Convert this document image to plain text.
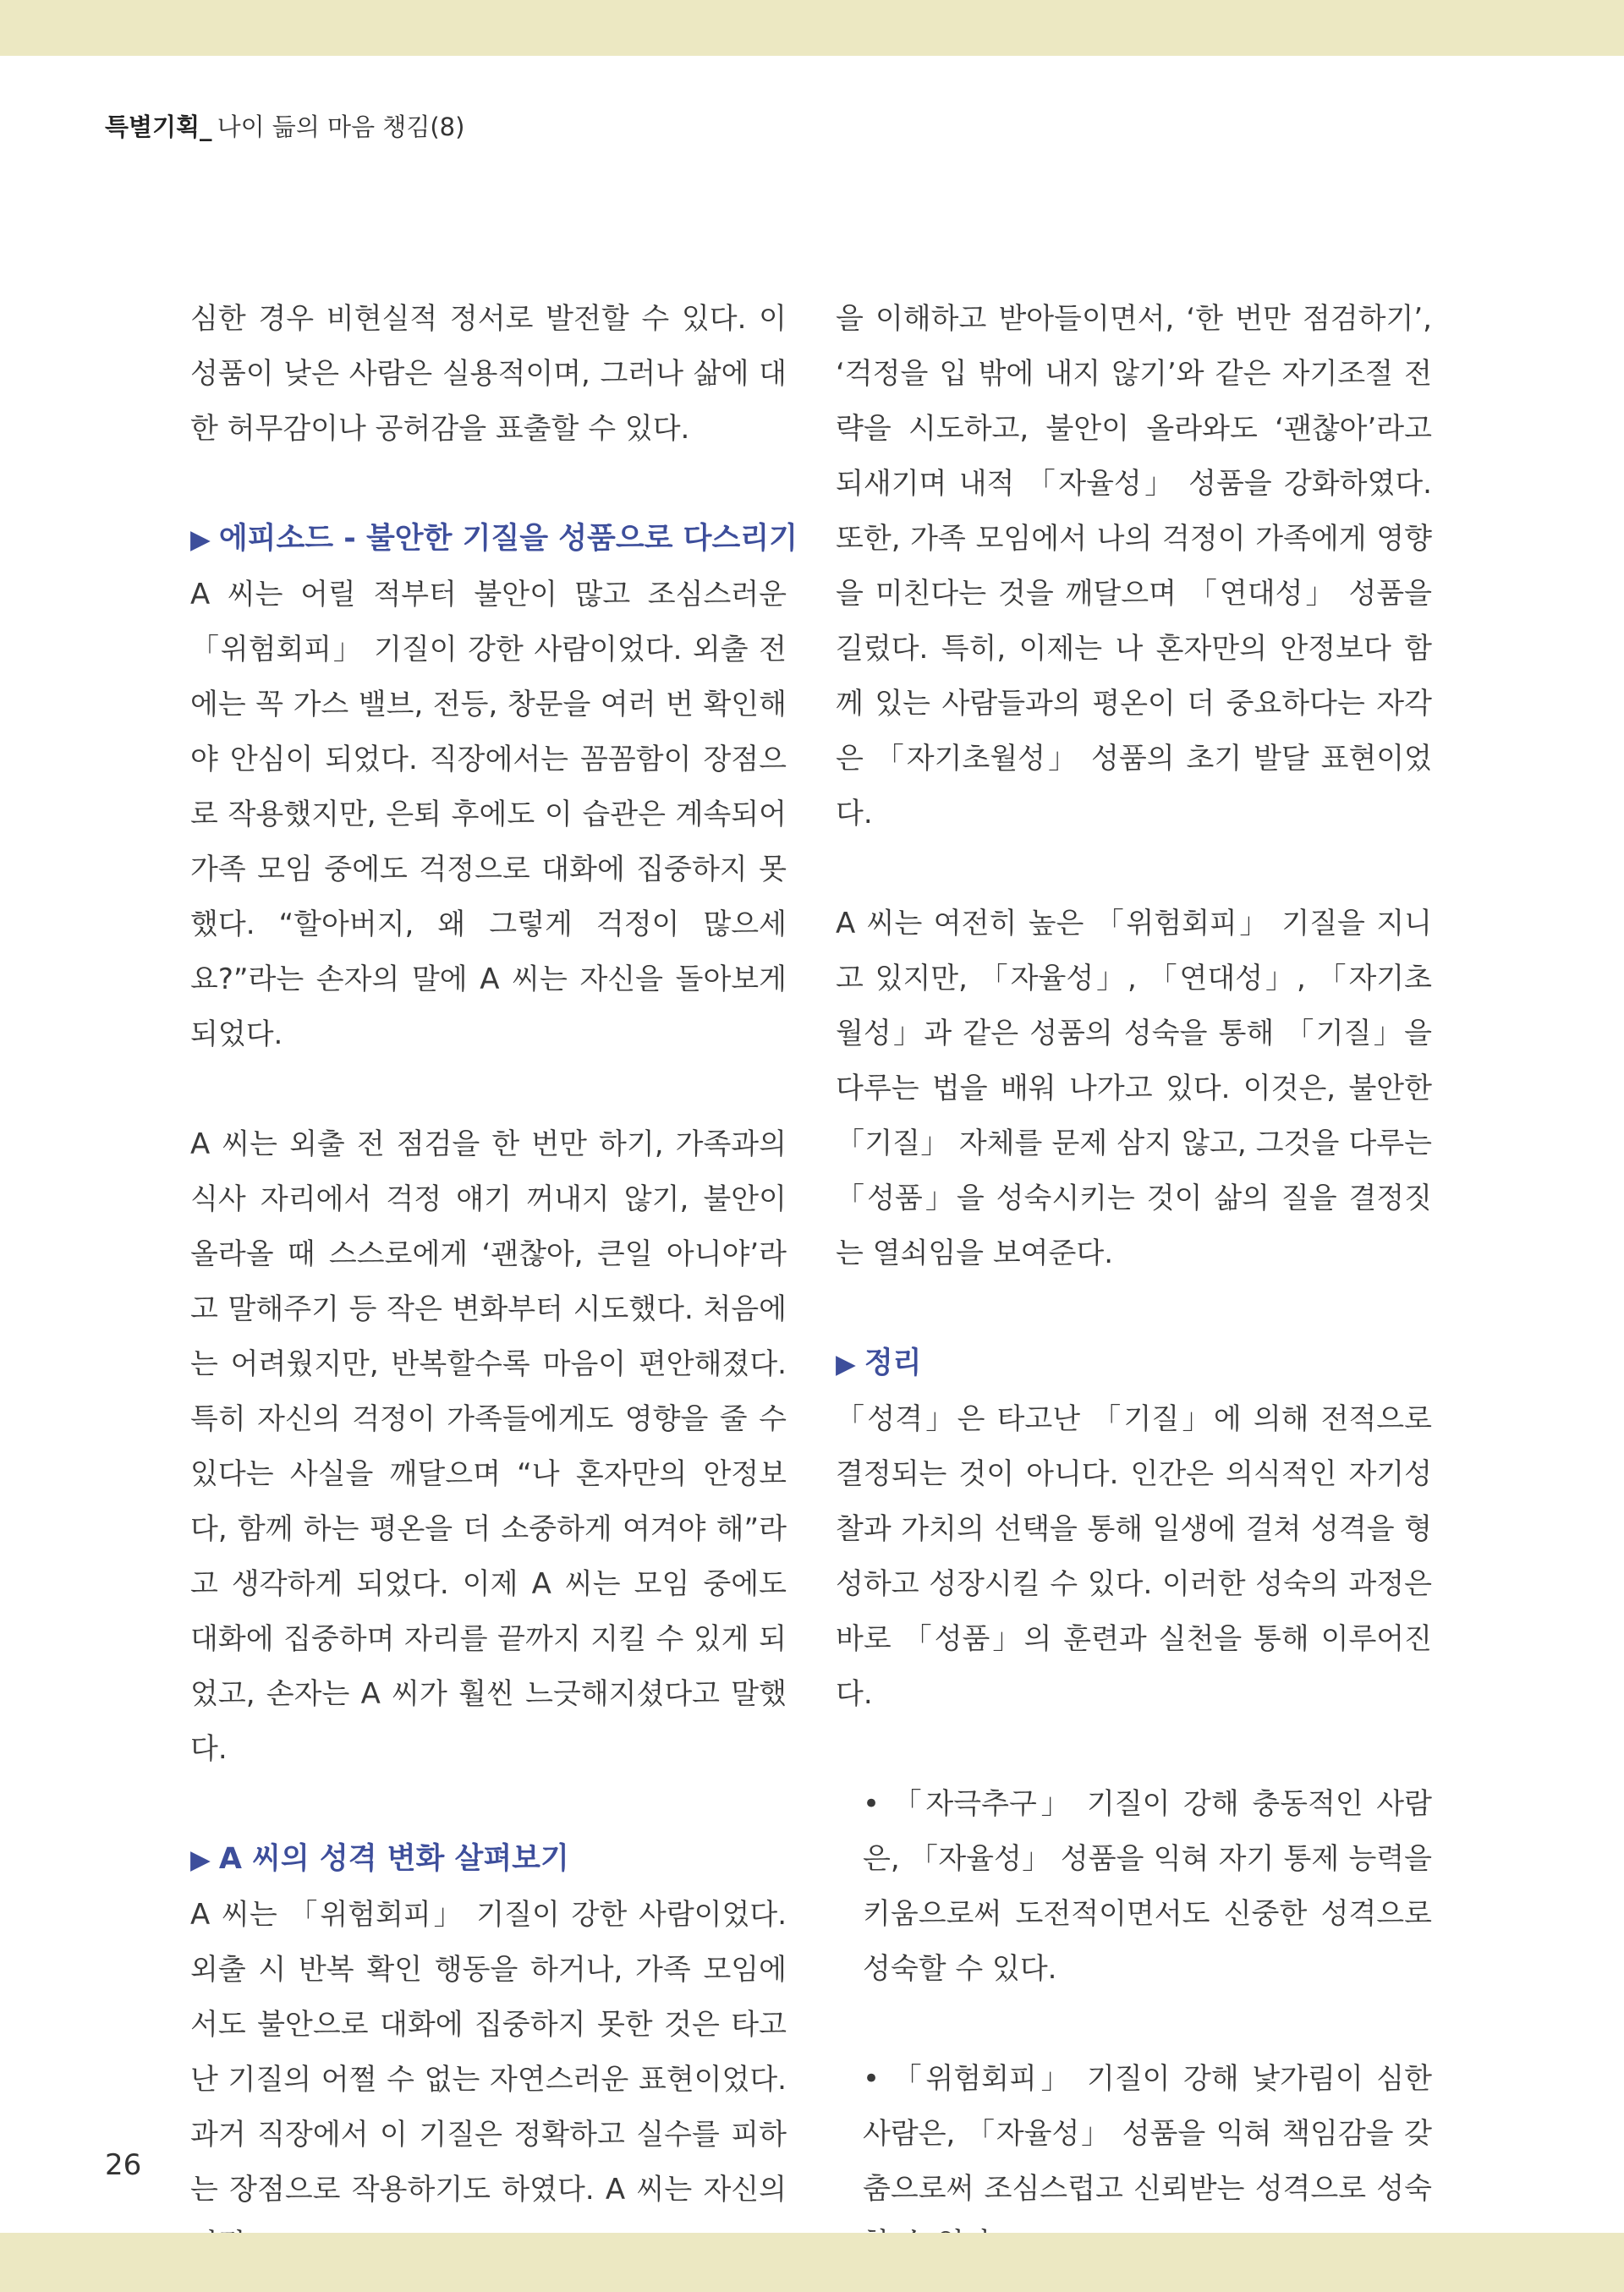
특별기획_ 나이 듦의 마음 챙김(8)

심한 경우 비현실적 정서로 발전할 수 있다. 이 성품이 낮은 사람은 실용적이며, 그러나 삶에 대한 허무감이나 공허감을 표출할 수 있다.

▶ 에피소드 - 불안한 기질을 성품으로 다스리기

A 씨는 어릴 적부터 불안이 많고 조심스러운 「위험회피」 기질이 강한 사람이었다. 외출 전에는 꼭 가스 밸브, 전등, 창문을 여러 번 확인해야 안심이 되었다. 직장에서는 꼼꼼함이 장점으로 작용했지만, 은퇴 후에도 이 습관은 계속되어 가족 모임 중에도 걱정으로 대화에 집중하지 못했다. “할아버지, 왜 그렇게 걱정이 많으세요?”라는 손자의 말에 A 씨는 자신을 돌아보게 되었다.

A 씨는 외출 전 점검을 한 번만 하기, 가족과의 식사 자리에서 걱정 얘기 꺼내지 않기, 불안이 올라올 때 스스로에게 ‘괜찮아, 큰일 아니야’라고 말해주기 등 작은 변화부터 시도했다. 처음에는 어려웠지만, 반복할수록 마음이 편안해졌다. 특히 자신의 걱정이 가족들에게도 영향을 줄 수 있다는 사실을 깨달으며 “나 혼자만의 안정보다, 함께 하는 평온을 더 소중하게 여겨야 해”라고 생각하게 되었다. 이제 A 씨는 모임 중에도 대화에 집중하며 자리를 끝까지 지킬 수 있게 되었고, 손자는 A 씨가 훨씬 느긋해지셨다고 말했다.

▶ A 씨의 성격 변화 살펴보기

A 씨는 「위험회피」 기질이 강한 사람이었다. 외출 시 반복 확인 행동을 하거나, 가족 모임에서도 불안으로 대화에 집중하지 못한 것은 타고난 기질의 어쩔 수 없는 자연스러운 표현이었다. 과거 직장에서 이 기질은 정확하고 실수를 피하는 장점으로 작용하기도 하였다. A 씨는 자신의

을 이해하고 받아들이면서, ‘한 번만 점검하기’, ‘걱정을 입 밖에 내지 않기’와 같은 자기조절 전략을 시도하고, 불안이 올라와도 ‘괜찮아’라고 되새기며 내적 「자율성」 성품을 강화하였다. 또한, 가족 모임에서 나의 걱정이 가족에게 영향을 미친다는 것을 깨달으며 「연대성」 성품을 길렀다. 특히, 이제는 나 혼자만의 안정보다 함께 있는 사람들과의 평온이 더 중요하다는 자각은 「자기초월성」 성품의 초기 발달 표현이었다.

A 씨는 여전히 높은 「위험회피」 기질을 지니고 있지만, 「자율성」, 「연대성」, 「자기초월성」과 같은 성품의 성숙을 통해 「기질」을 다루는 법을 배워 나가고 있다. 이것은, 불안한 「기질」 자체를 문제 삼지 않고, 그것을 다루는 「성품」을 성숙시키는 것이 삶의 질을 결정짓는 열쇠임을 보여준다.

▶ 정리

「성격」은 타고난 「기질」에 의해 전적으로 결정되는 것이 아니다. 인간은 의식적인 자기성찰과 가치의 선택을 통해 일생에 걸쳐 성격을 형성하고 성장시킬 수 있다. 이러한 성숙의 과정은 바로 「성품」의 훈련과 실천을 통해 이루어진다.

• 「자극추구」 기질이 강해 충동적인 사람은, 「자율성」 성품을 익혀 자기 통제 능력을 키움으로써 도전적이면서도 신중한 성격으로 성숙할 수 있다.

• 「위험회피」 기질이 강해 낯가림이 심한 사람은, 「자율성」 성품을 익혀 책임감을 갖춤으로써 조심스럽고 신뢰받는 성격으로 성숙

26
